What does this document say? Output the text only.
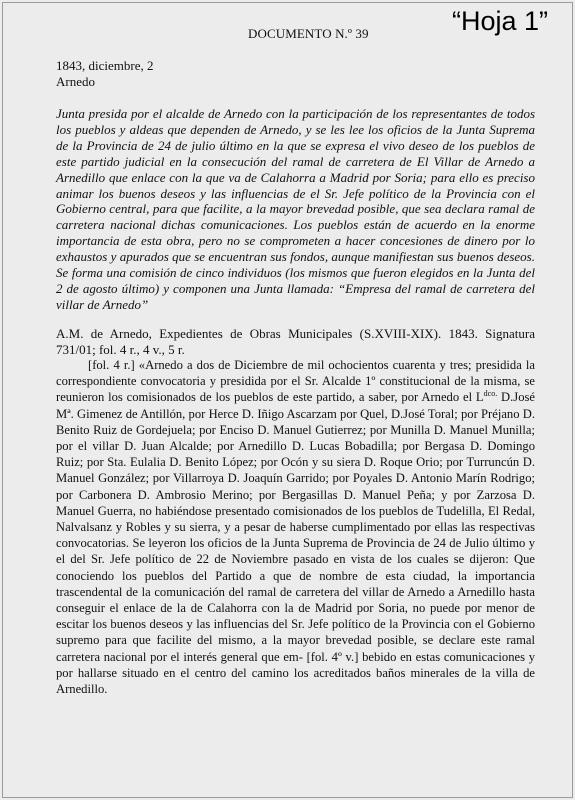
“Hoja 1”
DOCUMENTO N.º 39
1843, diciembre, 2
Arnedo
Junta presida por el alcalde de Arnedo con la participación de los representantes de todos los pueblos y aldeas que dependen de Arnedo, y se les lee los oficios de la Junta Suprema de la Provincia de 24 de julio último en la que se expresa el vivo deseo de los pueblos de este partido judicial en la consecución del ramal de carretera de El Villar de Arnedo a Arnedillo que enlace con la que va de Calahorra a Madrid por Soria; para ello es preciso animar los buenos deseos y las influencias de el Sr. Jefe político de la Provincia con el Gobierno central, para que facilite, a la mayor brevedad posible, que sea declara ramal de carretera nacional dichas comunicaciones. Los pueblos están de acuerdo en la enorme importancia de esta obra, pero no se comprometen a hacer concesiones de dinero por lo exhaustos y apurados que se encuentran sus fondos, aunque manifiestan sus buenos deseos. Se forma una comisión de cinco individuos (los mismos que fueron elegidos en la Junta del 2 de agosto último) y componen una Junta llamada: “Empresa del ramal de carretera del villar de Arnedo”
A.M. de Arnedo, Expedientes de Obras Municipales (S.XVIII-XIX). 1843. Signatura 731/01; fol. 4 r., 4 v., 5 r.
[fol. 4 r.] «Arnedo a dos de Diciembre de mil ochocientos cuarenta y tres; presidida la correspondiente convocatoria y presidida por el Sr. Alcalde 1º constitucional de la misma, se reunieron los comisionados de los pueblos de este partido, a saber, por Arnedo el $L^{dco.}$ D.José Mª. Gimenez de Antillón, por Herce D. Iñigo Ascarzam por Quel, D.José Toral; por Préjano D. Benito Ruiz de Gordejuela; por Enciso D. Manuel Gutierrez; por Munilla D. Manuel Munilla; por el villar D. Juan Alcalde; por Arnedillo D. Lucas Bobadilla; por Bergasa D. Domingo Ruiz; por Sta. Eulalia D. Benito López; por Ocón y su siera D. Roque Orio; por Turruncún D. Manuel González; por Villarroya D. Joaquín Garrido; por Poyales D. Antonio Marín Rodrigo; por Carbonera D. Ambrosio Merino; por Bergasillas D. Manuel Peña; y por Zarzosa D. Manuel Guerra, no habiéndose presentado comisionados de los pueblos de Tudelilla, El Redal, Nalvalsanz y Robles y su sierra, y a pesar de haberse cumplimentado por ellas las respectivas convocatorias. Se leyeron los oficios de la Junta Suprema de Provincia de 24 de Julio último y el del Sr. Jefe político de 22 de Noviembre pasado en vista de los cuales se dijeron: Que conociendo los pueblos del Partido a que de nombre de esta ciudad, la importancia trascendental de la comunicación del ramal de carretera del villar de Arnedo a Arnedillo hasta conseguir el enlace de la de Calahorra con la de Madrid por Soria, no puede por menor de escitar los buenos deseos y las influencias del Sr. Jefe político de la Provincia con el Gobierno supremo para que facilite del mismo, a la mayor brevedad posible, se declare este ramal carretera nacional por el interés general que em- [fol. 4º v.] bebido en estas comunicaciones y por hallarse situado en el centro del camino los acreditados baños minerales de la villa de Arnedillo.
